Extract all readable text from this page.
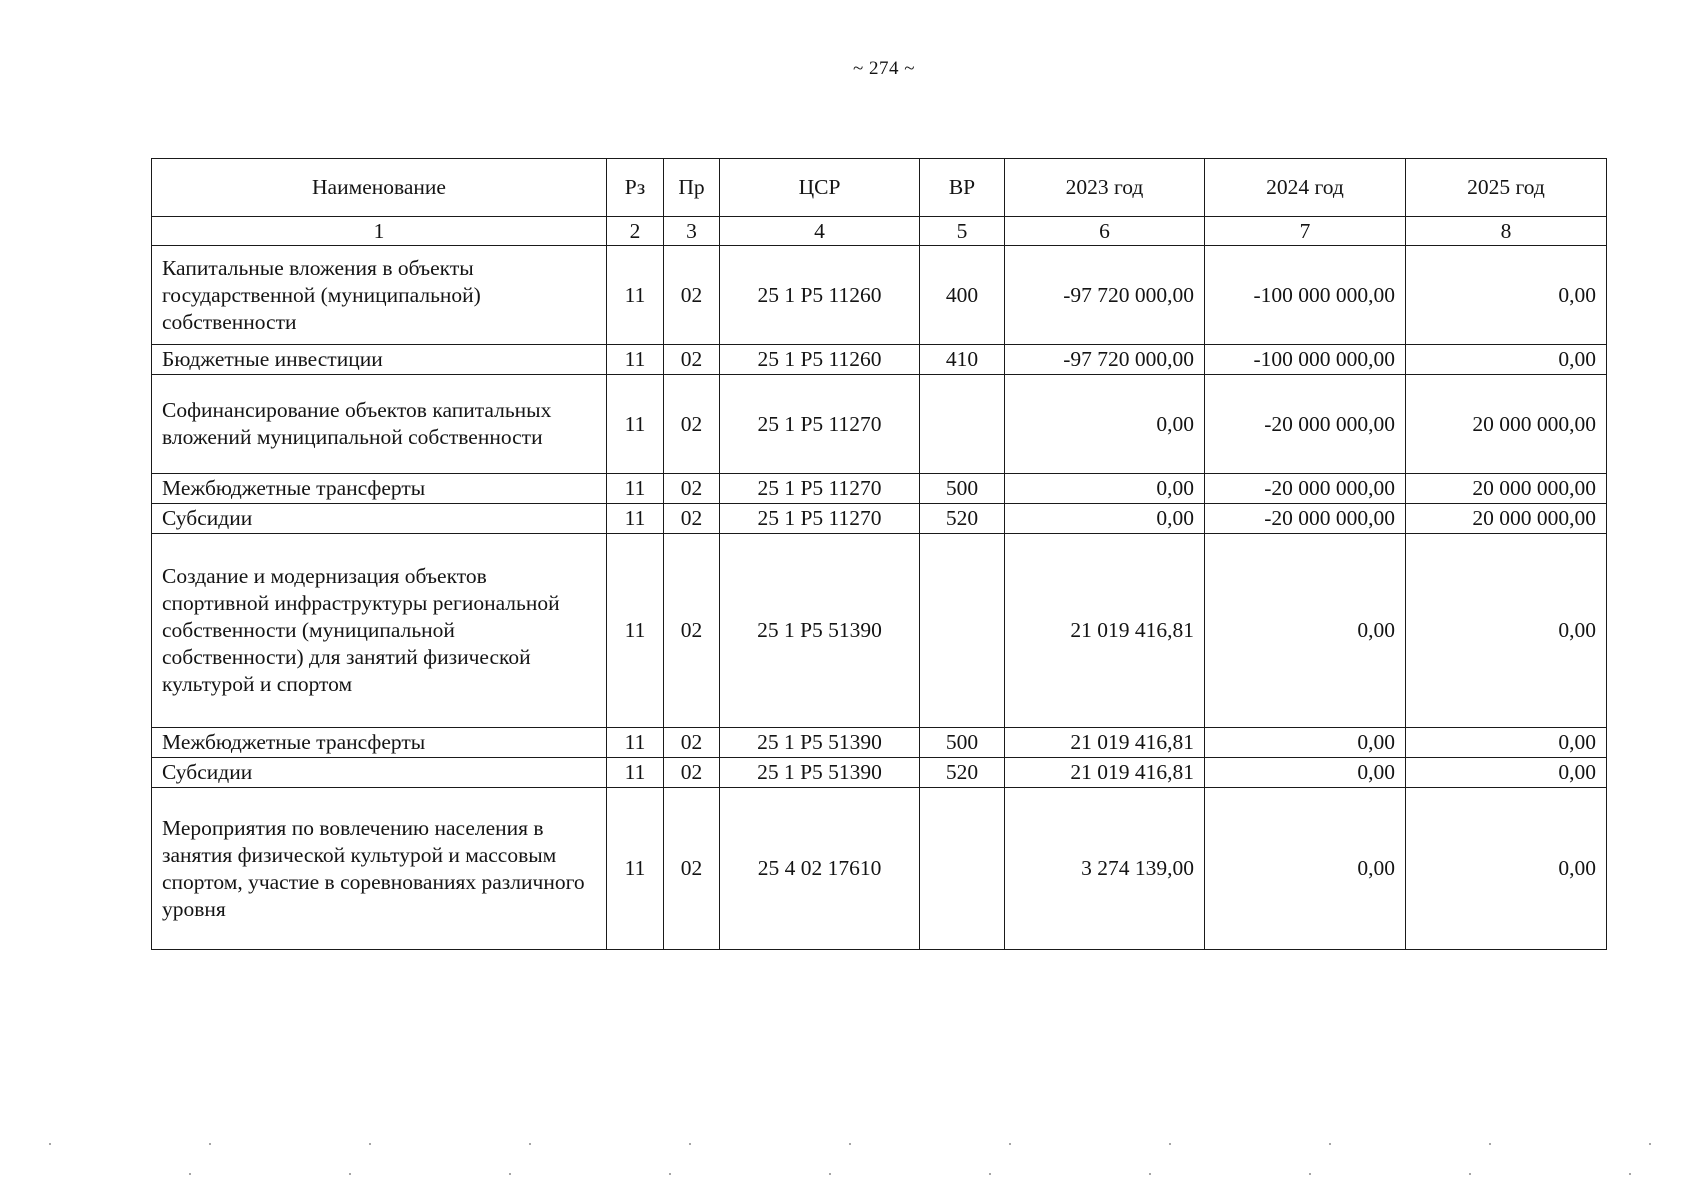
~ 274 ~
Наименование	Рз	Пр	ЦСР	ВР	2023 год	2024 год	2025 год
1	2	3	4	5	6	7	8
Капитальные вложения в объекты государственной (муниципальной) собственности	11	02	25 1 Р5 11260	400	-97 720 000,00	-100 000 000,00	0,00
Бюджетные инвестиции	11	02	25 1 Р5 11260	410	-97 720 000,00	-100 000 000,00	0,00
Софинансирование объектов капитальных вложений муниципальной собственности	11	02	25 1 Р5 11270		0,00	-20 000 000,00	20 000 000,00
Межбюджетные трансферты	11	02	25 1 Р5 11270	500	0,00	-20 000 000,00	20 000 000,00
Субсидии	11	02	25 1 Р5 11270	520	0,00	-20 000 000,00	20 000 000,00
Создание и модернизация объектов спортивной инфраструктуры региональной собственности (муниципальной собственности) для занятий физической культурой и спортом	11	02	25 1 Р5 51390		21 019 416,81	0,00	0,00
Межбюджетные трансферты	11	02	25 1 Р5 51390	500	21 019 416,81	0,00	0,00
Субсидии	11	02	25 1 Р5 51390	520	21 019 416,81	0,00	0,00
Мероприятия по вовлечению населения в занятия физической культурой и массовым спортом, участие в соревнованиях различного уровня	11	02	25 4 02 17610		3 274 139,00	0,00	0,00
